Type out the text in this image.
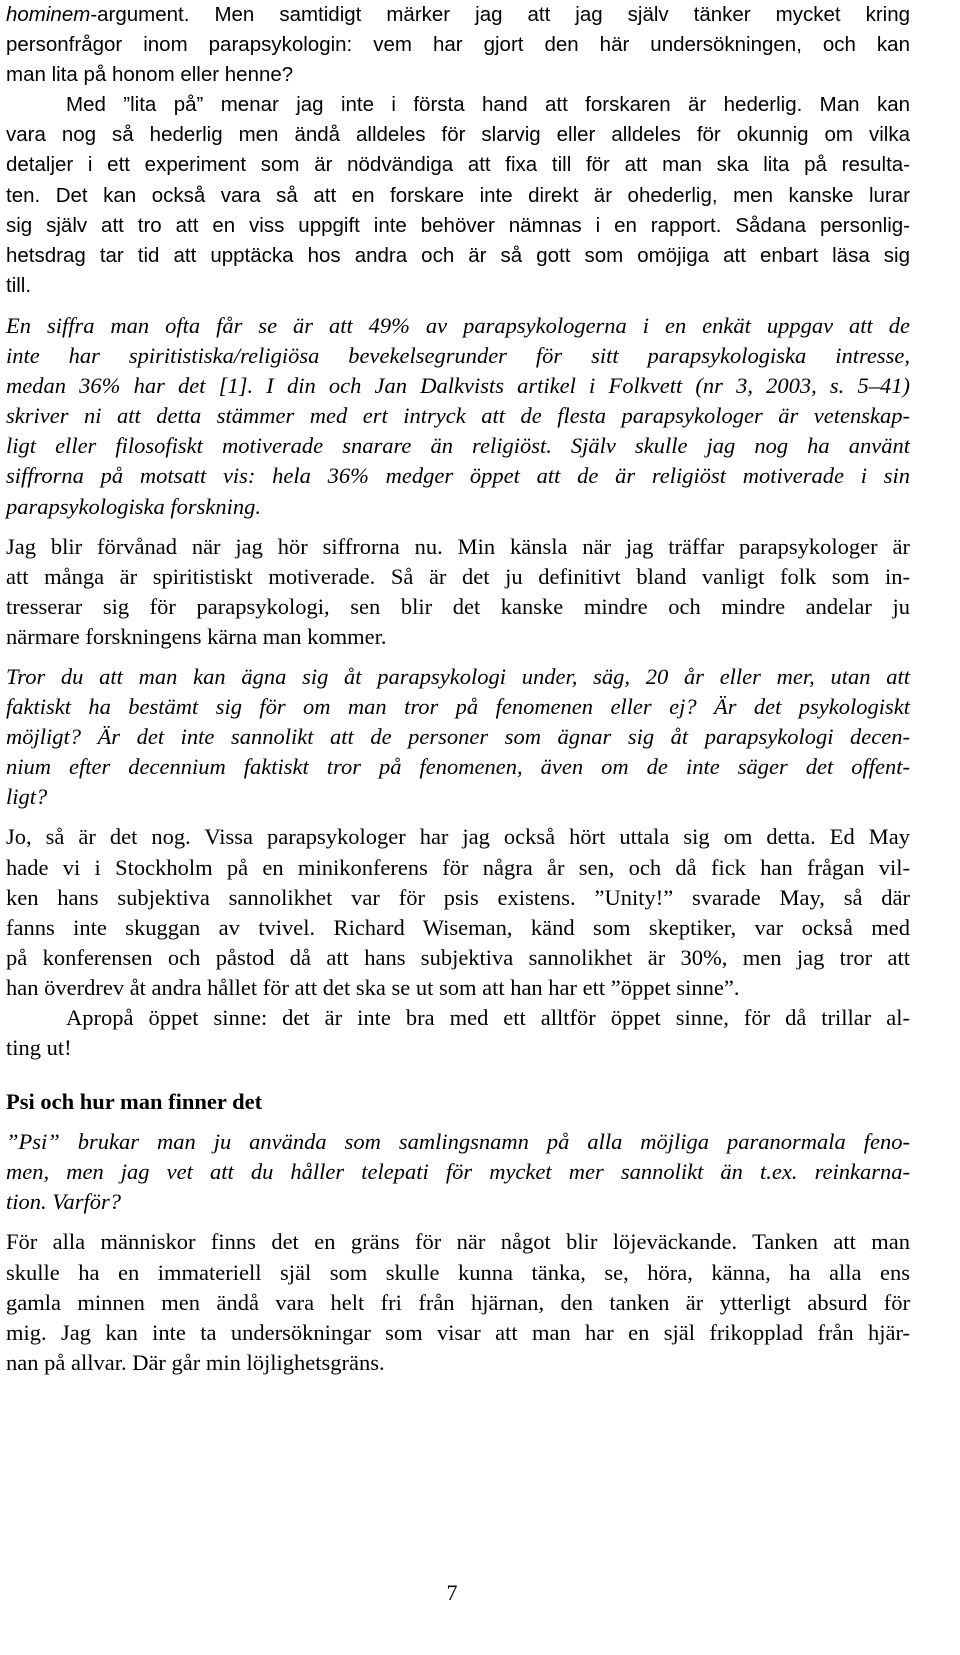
hominem-argument. Men samtidigt märker jag att jag själv tänker mycket kring
personfrågor inom parapsykologin: vem har gjort den här undersökningen, och kan
man lita på honom eller henne?
Med ”lita på” menar jag inte i första hand att forskaren är hederlig. Man kan
vara nog så hederlig men ändå alldeles för slarvig eller alldeles för okunnig om vilka
detaljer i ett experiment som är nödvändiga att fixa till för att man ska lita på resulta-
ten. Det kan också vara så att en forskare inte direkt är ohederlig, men kanske lurar
sig själv att tro att en viss uppgift inte behöver nämnas i en rapport. Sådana personlig-
hetsdrag tar tid att upptäcka hos andra och är så gott som omöjiga att enbart läsa sig
till.
En siffra man ofta får se är att 49% av parapsykologerna i en enkät uppgav att de
inte har spiritistiska/religiösa bevekelsegrunder för sitt parapsykologiska intresse,
medan 36% har det [1]. I din och Jan Dalkvists artikel i Folkvett (nr 3, 2003, s. 5–41)
skriver ni att detta stämmer med ert intryck att de flesta parapsykologer är vetenskap-
ligt eller filosofiskt motiverade snarare än religiöst. Själv skulle jag nog ha använt
siffrorna på motsatt vis: hela 36% medger öppet att de är religiöst motiverade i sin
parapsykologiska forskning.
Jag blir förvånad när jag hör siffrorna nu. Min känsla när jag träffar parapsykologer är
att många är spiritistiskt motiverade. Så är det ju definitivt bland vanligt folk som in-
tresserar sig för parapsykologi, sen blir det kanske mindre och mindre andelar ju
närmare forskningens kärna man kommer.
Tror du att man kan ägna sig åt parapsykologi under, säg, 20 år eller mer, utan att
faktiskt ha bestämt sig för om man tror på fenomenen eller ej? Är det psykologiskt
möjligt? Är det inte sannolikt att de personer som ägnar sig åt parapsykologi decen-
nium efter decennium faktiskt tror på fenomenen, även om de inte säger det offent-
ligt?
Jo, så är det nog. Vissa parapsykologer har jag också hört uttala sig om detta. Ed May
hade vi i Stockholm på en minikonferens för några år sen, och då fick han frågan vil-
ken hans subjektiva sannolikhet var för psis existens. ”Unity!” svarade May, så där
fanns inte skuggan av tvivel. Richard Wiseman, känd som skeptiker, var också med
på konferensen och påstod då att hans subjektiva sannolikhet är 30%, men jag tror att
han överdrev åt andra hållet för att det ska se ut som att han har ett ”öppet sinne”.
Apropå öppet sinne: det är inte bra med ett alltför öppet sinne, för då trillar al-
ting ut!
Psi och hur man finner det
”Psi” brukar man ju använda som samlingsnamn på alla möjliga paranormala feno-
men, men jag vet att du håller telepati för mycket mer sannolikt än t.ex. reinkarna-
tion. Varför?
För alla människor finns det en gräns för när något blir löjeväckande. Tanken att man
skulle ha en immateriell själ som skulle kunna tänka, se, höra, känna, ha alla ens
gamla minnen men ändå vara helt fri från hjärnan, den tanken är ytterligt absurd för
mig. Jag kan inte ta undersökningar som visar att man har en själ frikopplad från hjär-
nan på allvar. Där går min löjlighetsgräns.
7
